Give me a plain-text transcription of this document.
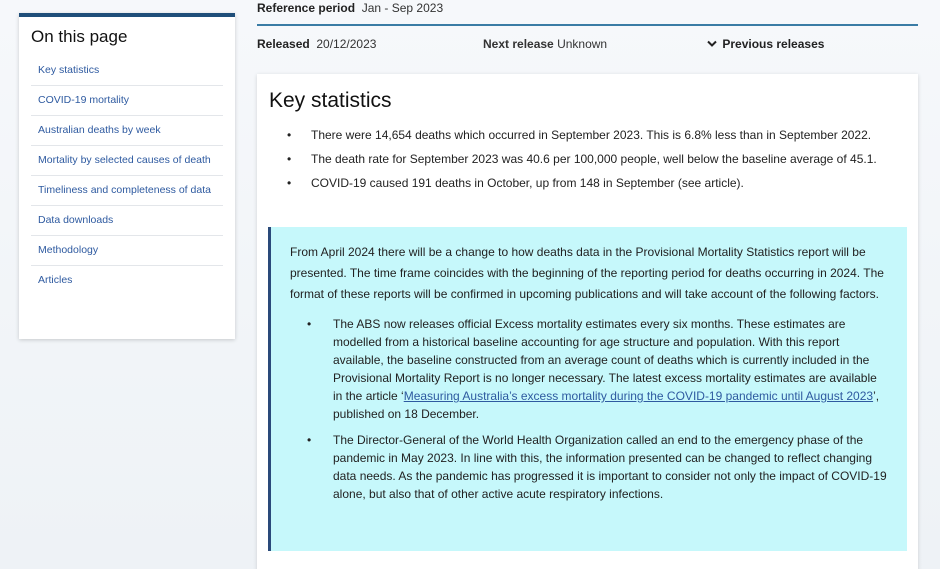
On this page
Key statistics
COVID-19 mortality
Australian deaths by week
Mortality by selected causes of death
Timeliness and completeness of data
Data downloads
Methodology
Articles
Reference period Jan - Sep 2023
Released 20/12/2023	Next release Unknown	Previous releases
Key statistics
• There were 14,654 deaths which occurred in September 2023. This is 6.8% less than in September 2022.
• The death rate for September 2023 was 40.6 per 100,000 people, well below the baseline average of 45.1.
• COVID-19 caused 191 deaths in October, up from 148 in September (see article).

From April 2024 there will be a change to how deaths data in the Provisional Mortality Statistics report will be presented. The time frame coincides with the beginning of the reporting period for deaths occurring in 2024. The format of these reports will be confirmed in upcoming publications and will take account of the following factors.

• The ABS now releases official Excess mortality estimates every six months. These estimates are modelled from a historical baseline accounting for age structure and population. With this report available, the baseline constructed from an average count of deaths which is currently included in the Provisional Mortality Report is no longer necessary. The latest excess mortality estimates are available in the article ‘Measuring Australia’s excess mortality during the COVID-19 pandemic until August 2023’, published on 18 December.
• The Director-General of the World Health Organization called an end to the emergency phase of the pandemic in May 2023. In line with this, the information presented can be changed to reflect changing data needs. As the pandemic has progressed it is important to consider not only the impact of COVID-19 alone, but also that of other active acute respiratory infections.
